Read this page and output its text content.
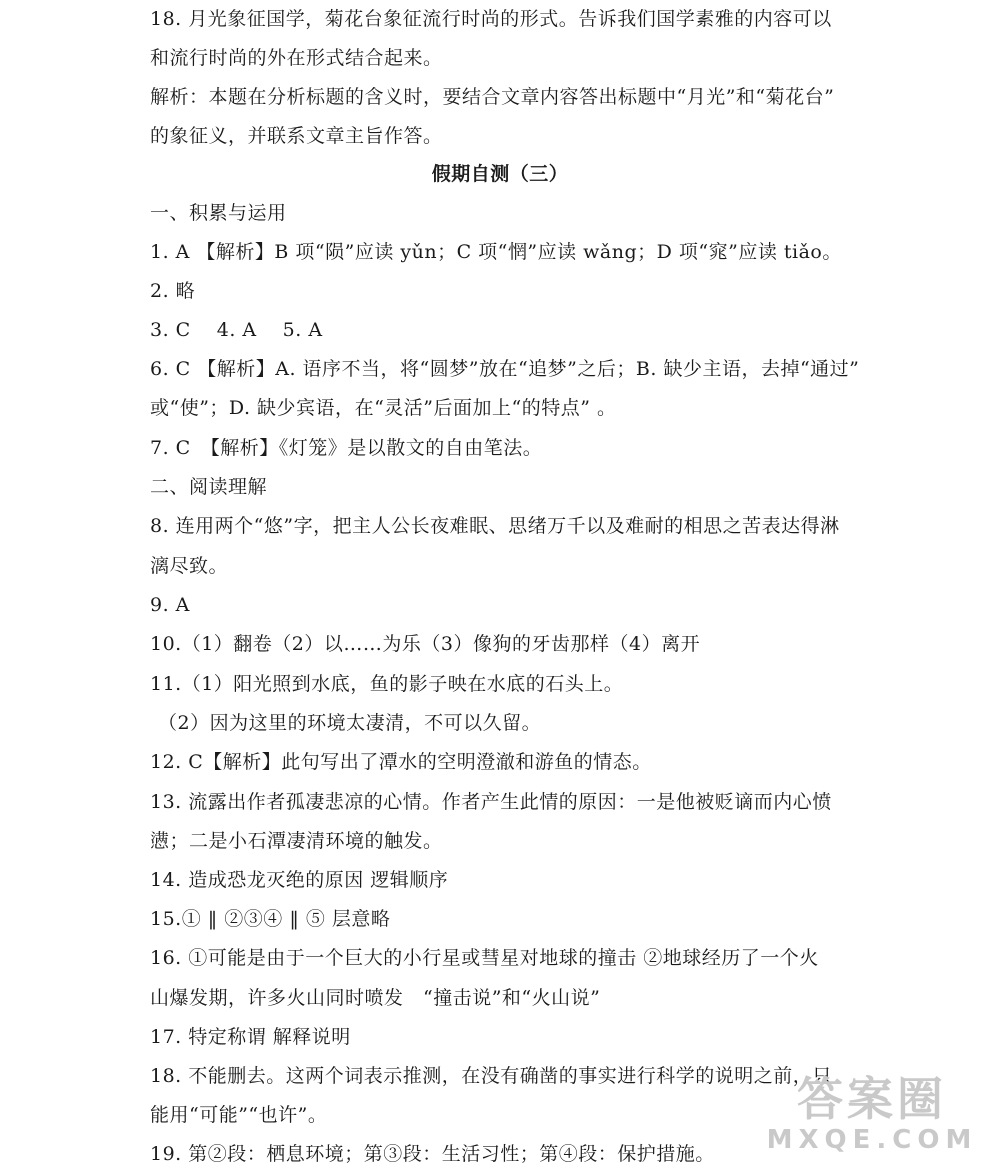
18. 月光象征国学，菊花台象征流行时尚的形式。告诉我们国学素雅的内容可以
和流行时尚的外在形式结合起来。
解析：本题在分析标题的含义时，要结合文章内容答出标题中“月光”和“菊花台”
的象征义，并联系文章主旨作答。
假期自测（三）
一、积累与运用
1. A 【解析】B 项“陨”应读 yǔn；C 项“惘”应读 wǎng；D 项“窕”应读 tiǎo。
2. 略
3. C　 4. A　 5. A
6. C 【解析】A. 语序不当，将“圆梦”放在“追梦”之后；B. 缺少主语，去掉“通过”
或“使”；D. 缺少宾语，在“灵活”后面加上“的特点” 。
7. C　【解析】《灯笼》是以散文的自由笔法。
二、阅读理解
8. 连用两个“悠”字，把主人公长夜难眠、思绪万千以及难耐的相思之苦表达得淋
漓尽致。
9. A
10.（1）翻卷（2）以……为乐（3）像狗的牙齿那样（4）离开
11.（1）阳光照到水底，鱼的影子映在水底的石头上。
（2）因为这里的环境太凄清，不可以久留。
12. C【解析】此句写出了潭水的空明澄澈和游鱼的情态。
13. 流露出作者孤凄悲凉的心情。作者产生此情的原因：一是他被贬谪而内心愤
懑；二是小石潭凄清环境的触发。
14. 造成恐龙灭绝的原因 逻辑顺序
15.① ‖ ②③④ ‖ ⑤ 层意略
16. ①可能是由于一个巨大的小行星或彗星对地球的撞击 ②地球经历了一个火
山爆发期，许多火山同时喷发　“撞击说”和“火山说”
17. 特定称谓 解释说明
18. 不能删去。这两个词表示推测，在没有确凿的事实进行科学的说明之前，只
能用“可能”“也许”。
19. 第②段：栖息环境；第③段：生活习性；第④段：保护措施。
答案圈
MXQE.COM
